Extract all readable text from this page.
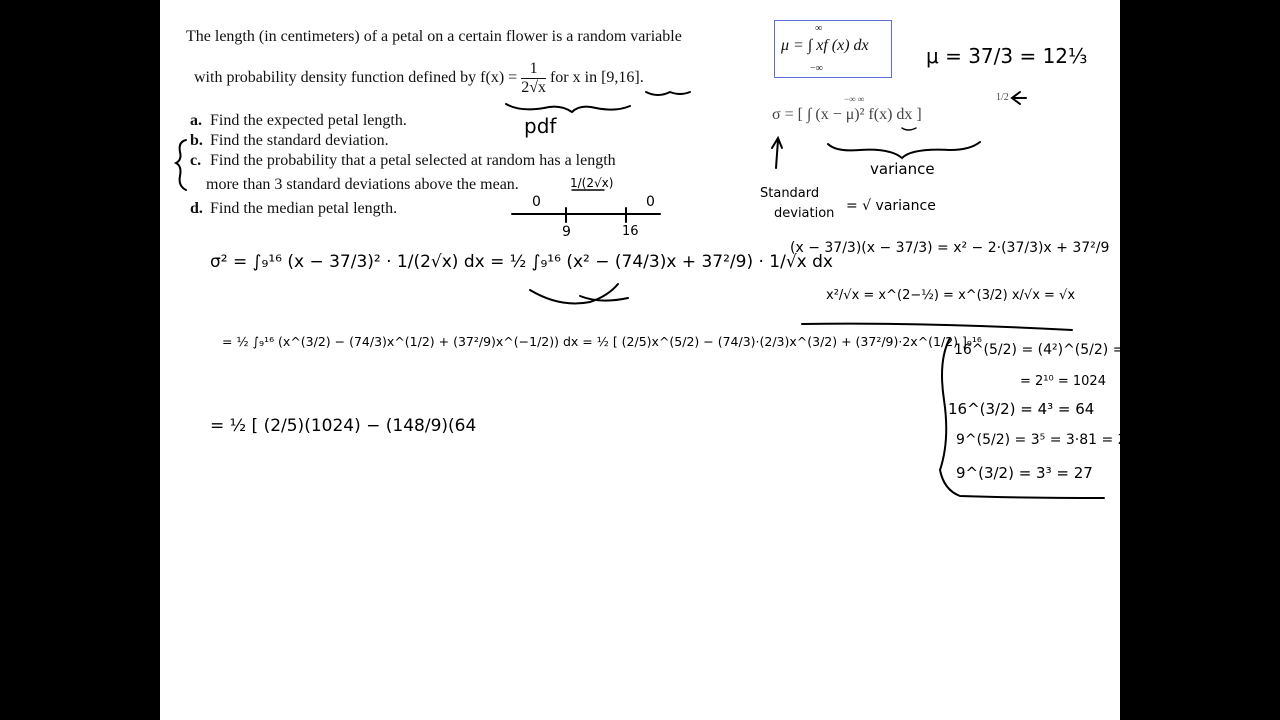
The length (in centimeters) of a petal on a certain flower is a random variable
with probability density function defined by $f(x) = \frac{1}{2√x}$ for x in [9,16].
a. Find the expected petal length.
b. Find the standard deviation.
c. Find the probability that a petal selected at random has a length
more than 3 standard deviations above the mean.
d. Find the median petal length.
∞
μ = ∫ xf (x) dx
−∞
σ = [ ∫ (x − μ)² f(x) dx ]
−∞ ∞	1/2
μ = 37/3 = 12⅓
pdf
variance
Standard
deviation = √ variance
1/(2√x)
0	0
9	16
σ² = ∫₉¹⁶ (x − 37/3)² · 1/(2√x) dx = ½ ∫₉¹⁶ (x² − (74/3)x + 37²/9) · 1/√x dx
(x − 37/3)(x − 37/3) = x² − 2·(37/3)x + 37²/9
x²/√x = x^(2−½) = x^(3/2) x/√x = √x
= ½ ∫₉¹⁶ (x^(3/2) − (74/3)x^(1/2) + (37²/9)x^(−1/2)) dx = ½ [ (2/5)x^(5/2) − (74/3)·(2/3)x^(3/2) + (37²/9)·2x^(1/2) ]₉¹⁶
= ½ [ (2/5)(1024) − (148/9)(64
16^(5/2) = (4²)^(5/2) = 4⁵
= 2¹⁰ = 1024
16^(3/2) = 4³ = 64
9^(5/2) = 3⁵ = 3·81 = 243
9^(3/2) = 3³ = 27
